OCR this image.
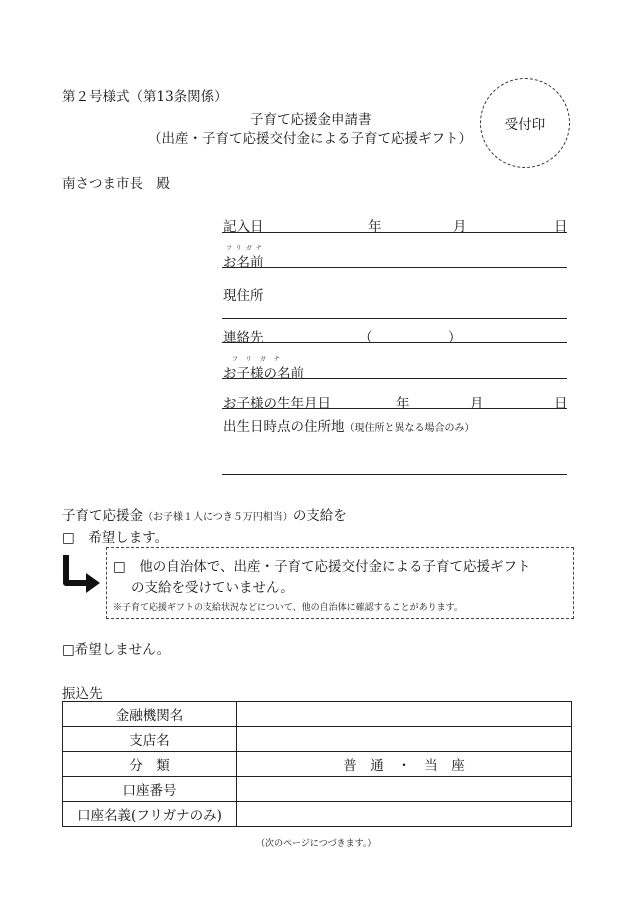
第２号様式（第13条関係）
子育て応援金申請書
（出産・子育て応援交付金による子育て応援ギフト）
受付印
南さつま市長　殿
記入日	年	月	日
フリガナ
お名前
現住所
連絡先	（	）
フリガナ
お子様の名前
お子様の生年月日	年	月	日
出生日時点の住所地（現住所と異なる場合のみ）
子育て応援金（お子様１人につき５万円相当）の支給を
□　希望します。
□　他の自治体で、出産・子育て応援交付金による子育て応援ギフト
の支給を受けていません。
※子育て応援ギフトの支給状況などについて、他の自治体に確認することがあります。
□希望しません。
振込先
金融機関名	
支店名	
分　類	普　通　・　当　座
口座番号	
口座名義(フリガナのみ)	
（次のページにつづきます。）
